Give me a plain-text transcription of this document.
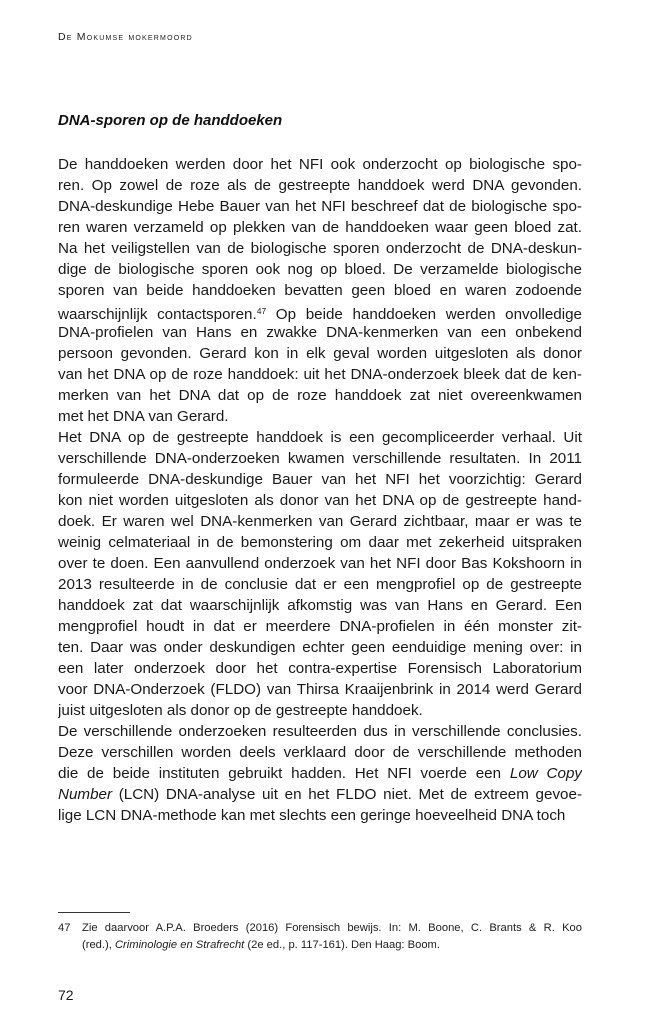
De Mokumse mokermoord
DNA-sporen op de handdoeken
De handdoeken werden door het NFI ook onderzocht op biologische spo-
ren. Op zowel de roze als de gestreepte handdoek werd DNA gevonden.
DNA-deskundige Hebe Bauer van het NFI beschreef dat de biologische spo-
ren waren verzameld op plekken van de handdoeken waar geen bloed zat.
Na het veiligstellen van de biologische sporen onderzocht de DNA-deskun-
dige de biologische sporen ook nog op bloed. De verzamelde biologische
sporen van beide handdoeken bevatten geen bloed en waren zodoende
waarschijnlijk contactsporen.$^{47}$ Op beide handdoeken werden onvolledige
DNA-profielen van Hans en zwakke DNA-kenmerken van een onbekend
persoon gevonden. Gerard kon in elk geval worden uitgesloten als donor
van het DNA op de roze handdoek: uit het DNA-onderzoek bleek dat de ken-
merken van het DNA dat op de roze handdoek zat niet overeenkwamen
met het DNA van Gerard.
Het DNA op de gestreepte handdoek is een gecompliceerder verhaal. Uit
verschillende DNA-onderzoeken kwamen verschillende resultaten. In 2011
formuleerde DNA-deskundige Bauer van het NFI het voorzichtig: Gerard
kon niet worden uitgesloten als donor van het DNA op de gestreepte hand-
doek. Er waren wel DNA-kenmerken van Gerard zichtbaar, maar er was te
weinig celmateriaal in de bemonstering om daar met zekerheid uitspraken
over te doen. Een aanvullend onderzoek van het NFI door Bas Kokshoorn in
2013 resulteerde in de conclusie dat er een mengprofiel op de gestreepte
handdoek zat dat waarschijnlijk afkomstig was van Hans en Gerard. Een
mengprofiel houdt in dat er meerdere DNA-profielen in één monster zit-
ten. Daar was onder deskundigen echter geen eenduidige mening over: in
een later onderzoek door het contra-expertise Forensisch Laboratorium
voor DNA-Onderzoek (FLDO) van Thirsa Kraaijenbrink in 2014 werd Gerard
juist uitgesloten als donor op de gestreepte handdoek.
De verschillende onderzoeken resulteerden dus in verschillende conclusies.
Deze verschillen worden deels verklaard door de verschillende methoden
die de beide instituten gebruikt hadden. Het NFI voerde een Low Copy
Number (LCN) DNA-analyse uit en het FLDO niet. Met de extreem gevoe-
lige LCN DNA-methode kan met slechts een geringe hoeveelheid DNA toch
47 Zie daarvoor A.P.A. Broeders (2016) Forensisch bewijs. In: M. Boone, C. Brants & R. Koo
(red.), Criminologie en Strafrecht (2e ed., p. 117-161). Den Haag: Boom.
72
